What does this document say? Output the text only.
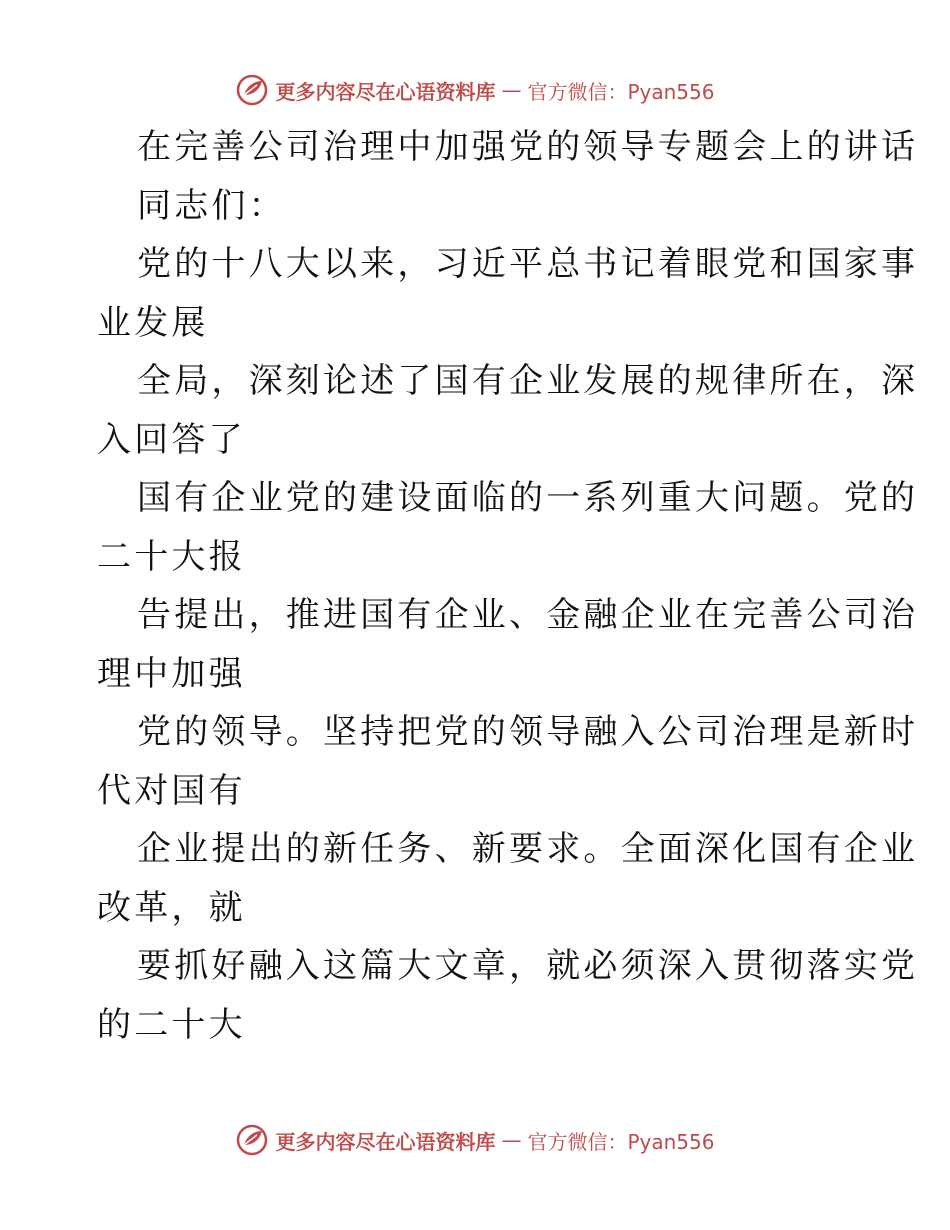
更多内容尽在心语资料库 — 官方微信：Pyan556
在完善公司治理中加强党的领导专题会上的讲话
同志们：
党的十八大以来，习近平总书记着眼党和国家事
业发展
全局，深刻论述了国有企业发展的规律所在，深
入回答了
国有企业党的建设面临的一系列重大问题。党的
二十大报
告提出，推进国有企业、金融企业在完善公司治
理中加强
党的领导。坚持把党的领导融入公司治理是新时
代对国有
企业提出的新任务、新要求。全面深化国有企业
改革，就
要抓好融入这篇大文章，就必须深入贯彻落实党
的二十大
更多内容尽在心语资料库 — 官方微信：Pyan556
